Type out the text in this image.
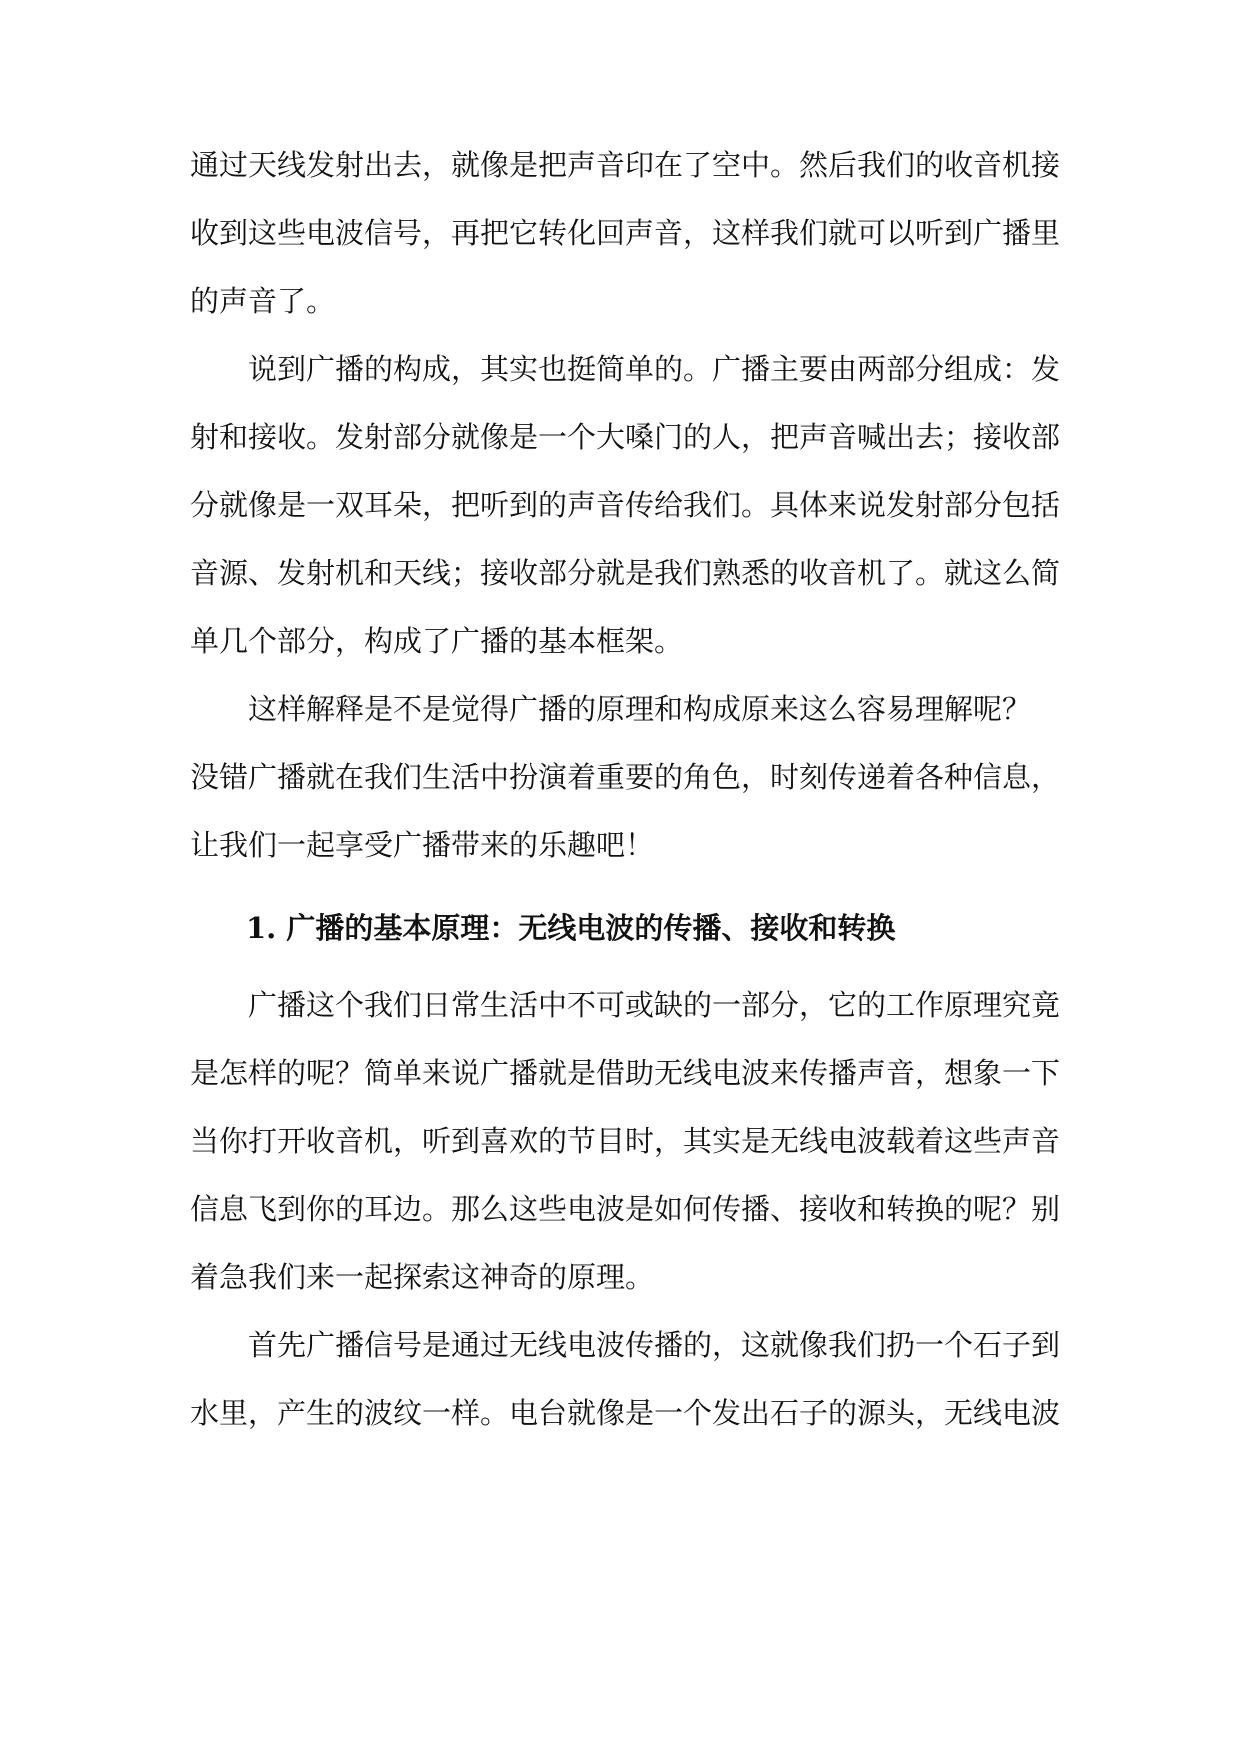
通过天线发射出去，就像是把声音印在了空中。然后我们的收音机接
收到这些电波信号，再把它转化回声音，这样我们就可以听到广播里
的声音了。
说到广播的构成，其实也挺简单的。广播主要由两部分组成：发
射和接收。发射部分就像是一个大嗓门的人，把声音喊出去；接收部
分就像是一双耳朵，把听到的声音传给我们。具体来说发射部分包括
音源、发射机和天线；接收部分就是我们熟悉的收音机了。就这么简
单几个部分，构成了广播的基本框架。
这样解释是不是觉得广播的原理和构成原来这么容易理解呢？
没错广播就在我们生活中扮演着重要的角色，时刻传递着各种信息，
让我们一起享受广播带来的乐趣吧！
1. 广播的基本原理：无线电波的传播、接收和转换
广播这个我们日常生活中不可或缺的一部分，它的工作原理究竟
是怎样的呢？简单来说广播就是借助无线电波来传播声音，想象一下
当你打开收音机，听到喜欢的节目时，其实是无线电波载着这些声音
信息飞到你的耳边。那么这些电波是如何传播、接收和转换的呢？别
着急我们来一起探索这神奇的原理。
首先广播信号是通过无线电波传播的，这就像我们扔一个石子到
水里，产生的波纹一样。电台就像是一个发出石子的源头，无线电波
